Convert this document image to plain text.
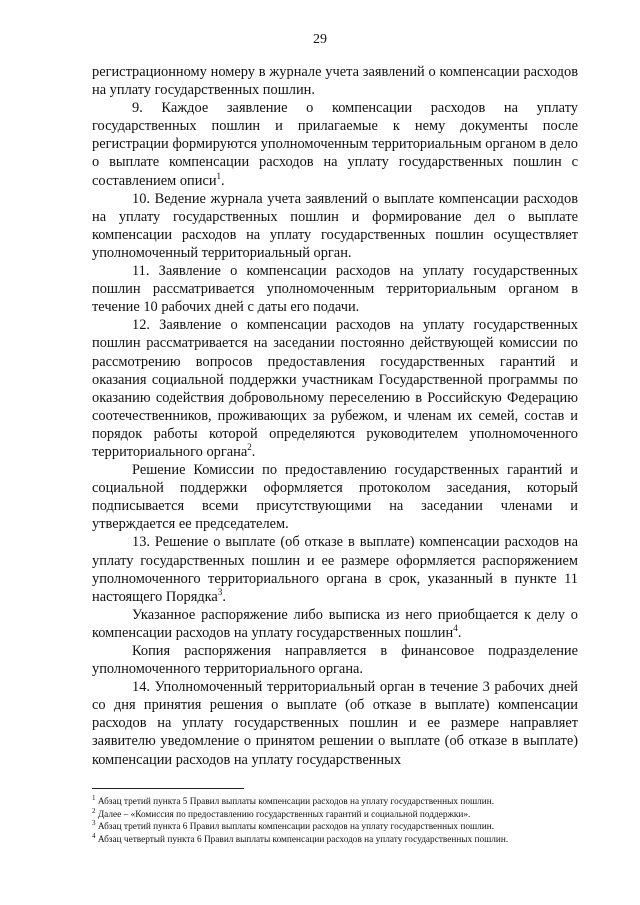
29

регистрационному номеру в журнале учета заявлений о компенсации расходов на уплату государственных пошлин.

9. Каждое заявление о компенсации расходов на уплату государственных пошлин и прилагаемые к нему документы после регистрации формируются уполномоченным территориальным органом в дело о выплате компенсации расходов на уплату государственных пошлин с составлением описи$^1$.

10. Ведение журнала учета заявлений о выплате компенсации расходов на уплату государственных пошлин и формирование дел о выплате компенсации расходов на уплату государственных пошлин осуществляет уполномоченный территориальный орган.

11. Заявление о компенсации расходов на уплату государственных пошлин рассматривается уполномоченным территориальным органом в течение 10 рабочих дней с даты его подачи.

12. Заявление о компенсации расходов на уплату государственных пошлин рассматривается на заседании постоянно действующей комиссии по рассмотрению вопросов предоставления государственных гарантий и оказания социальной поддержки участникам Государственной программы по оказанию содействия добровольному переселению в Российскую Федерацию соотечественников, проживающих за рубежом, и членам их семей, состав и порядок работы которой определяются руководителем уполномоченного территориального органа$^2$.

Решение Комиссии по предоставлению государственных гарантий и социальной поддержки оформляется протоколом заседания, который подписывается всеми присутствующими на заседании членами и утверждается ее председателем.

13. Решение о выплате (об отказе в выплате) компенсации расходов на уплату государственных пошлин и ее размере оформляется распоряжением уполномоченного территориального органа в срок, указанный в пункте 11 настоящего Порядка$^3$.

Указанное распоряжение либо выписка из него приобщается к делу о компенсации расходов на уплату государственных пошлин$^4$.

Копия распоряжения направляется в финансовое подразделение уполномоченного территориального органа.

14. Уполномоченный территориальный орган в течение 3 рабочих дней со дня принятия решения о выплате (об отказе в выплате) компенсации расходов на уплату государственных пошлин и ее размере направляет заявителю уведомление о принятом решении о выплате (об отказе в выплате) компенсации расходов на уплату государственных

$^1$ Абзац третий пункта 5 Правил выплаты компенсации расходов на уплату государственных пошлин.

$^2$ Далее – «Комиссия по предоставлению государственных гарантий и социальной поддержки».

$^3$ Абзац третий пункта 6 Правил выплаты компенсации расходов на уплату государственных пошлин.

$^4$ Абзац четвертый пункта 6 Правил выплаты компенсации расходов на уплату государственных пошлин.
